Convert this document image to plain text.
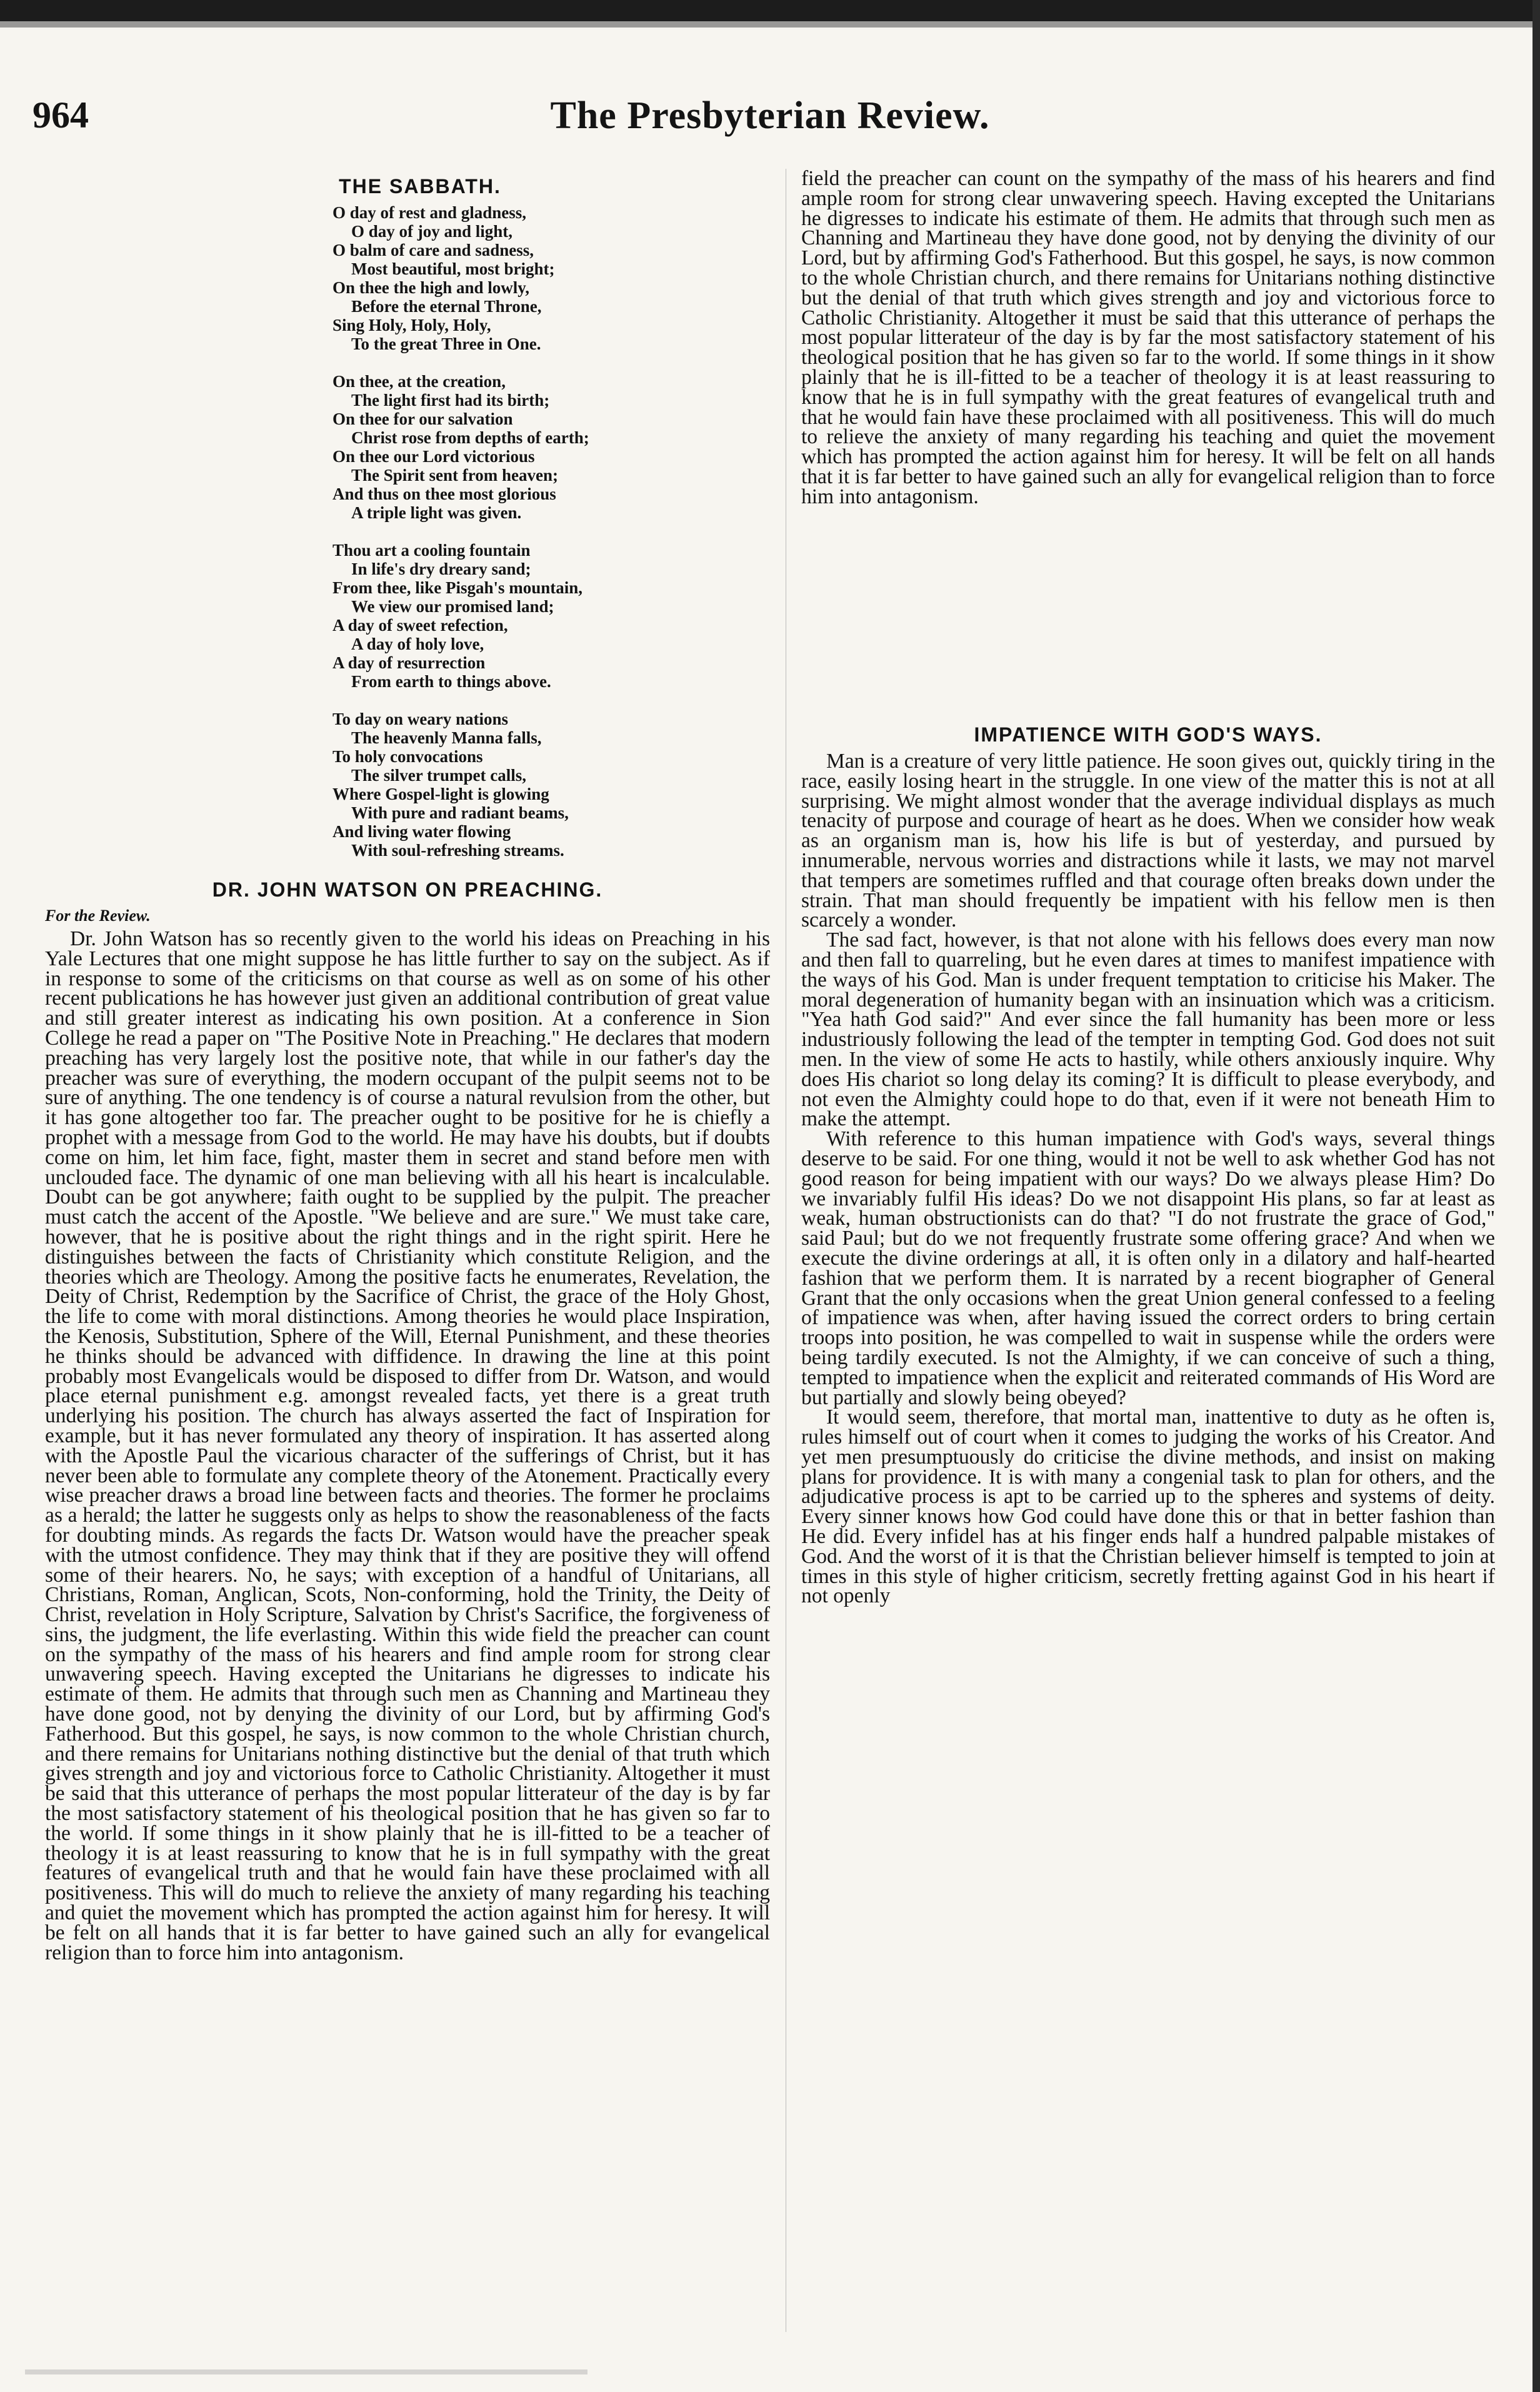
The Presbyterian Review.
964
THE SABBATH.
O day of rest and gladness,
O day of joy and light,
O balm of care and sadness,
Most beautiful, most bright;
On thee the high and lowly,
Before the eternal Throne,
Sing Holy, Holy, Holy,
To the great Three in One.
On thee, at the creation,
The light first had its birth;
On thee for our salvation
Christ rose from depths of earth;
On thee our Lord victorious
The Spirit sent from heaven;
And thus on thee most glorious
A triple light was given.
Thou art a cooling fountain
In life's dry dreary sand;
From thee, like Pisgah's mountain,
We view our promised land;
A day of sweet refection,
A day of holy love,
A day of resurrection
From earth to things above.
To day on weary nations
The heavenly Manna falls,
To holy convocations
The silver trumpet calls,
Where Gospel-light is glowing
With pure and radiant beams,
And living water flowing
With soul-refreshing streams.
DR. JOHN WATSON ON PREACHING.
For the Review.

Dr. John Watson has so recently given to the world his ideas on Preaching in his Yale Lectures that one might suppose he has little further to say on the subject. As if in response to some of the criticisms on that course as well as on some of his other recent publications he has however just given an additional contribution of great value and still greater interest as indicating his own position. At a conference in Sion College he read a paper on "The Positive Note in Preaching." He declares that modern preaching has very largely lost the positive note, that while in our father's day the preacher was sure of everything, the modern occupant of the pulpit seems not to be sure of anything. The one tendency is of course a natural revulsion from the other, but it has gone altogether too far. The preacher ought to be positive for he is chiefly a prophet with a message from God to the world. He may have his doubts, but if doubts come on him, let him face, fight, master them in secret and stand before men with unclouded face. The dynamic of one man believing with all his heart is incalculable. Doubt can be got anywhere; faith ought to be supplied by the pulpit. The preacher must catch the accent of the Apostle. "We believe and are sure." We must take care, however, that he is positive about the right things and in the right spirit. Here he distinguishes between the facts of Christianity which constitute Religion, and the theories which are Theology. Among the positive facts he enumerates, Revelation, the Deity of Christ, Redemption by the Sacrifice of Christ, the grace of the Holy Ghost, the life to come with moral distinctions. Among theories he would place Inspiration, the Kenosis, Substitution, Sphere of the Will, Eternal Punishment, and these theories he thinks should be advanced with diffidence. In drawing the line at this point probably most Evangelicals would be disposed to differ from Dr. Watson, and would place eternal punishment e.g. amongst revealed facts, yet there is a great truth underlying his position. The church has always asserted the fact of Inspiration for example, but it has never formulated any theory of inspiration. It has asserted along with the Apostle Paul the vicarious character of the sufferings of Christ, but it has never been able to formulate any complete theory of the Atonement. Practically every wise preacher draws a broad line between facts and theories. The former he proclaims as a herald; the latter he suggests only as helps to show the reasonableness of the facts for doubting minds. As regards the facts Dr. Watson would have the preacher speak with the utmost confidence. They may think that if they are positive they will offend some of their hearers. No, he says; with exception of a handful of Unitarians, all Christians, Roman, Anglican, Scots, Non-conforming, hold the Trinity, the Deity of Christ, revelation in Holy Scripture, Salvation by Christ's Sacrifice, the forgiveness of sins, the judgment, the life everlasting. Within this wide field the preacher can count on the sympathy of the mass of his hearers and find ample room for strong clear unwavering speech. Having excepted the Unitarians he digresses to indicate his estimate of them. He admits that through such men as Channing and Martineau they have done good, not by denying the divinity of our Lord, but by affirming God's Fatherhood. But this gospel, he says, is now common to the whole Christian church, and there remains for Unitarians nothing distinctive but the denial of that truth which gives strength and joy and victorious force to Catholic Christianity. Altogether it must be said that this utterance of perhaps the most popular litterateur of the day is by far the most satisfactory statement of his theological position that he has given so far to the world. If some things in it show plainly that he is ill-fitted to be a teacher of theology it is at least reassuring to know that he is in full sympathy with the great features of evangelical truth and that he would fain have these proclaimed with all positiveness. This will do much to relieve the anxiety of many regarding his teaching and quiet the movement which has prompted the action against him for heresy. It will be felt on all hands that it is far better to have gained such an ally for evangelical religion than to force him into antagonism.

field the preacher can count on the sympathy of the mass of his hearers and find ample room for strong clear unwavering speech. Having excepted the Unitarians he digresses to indicate his estimate of them. He admits that through such men as Channing and Martineau they have done good, not by denying the divinity of our Lord, but by affirming God's Fatherhood. But this gospel, he says, is now common to the whole Christian church, and there remains for Unitarians nothing distinctive but the denial of that truth which gives strength and joy and victorious force to Catholic Christianity. Altogether it must be said that this utterance of perhaps the most popular litterateur of the day is by far the most satisfactory statement of his theological position that he has given so far to the world. If some things in it show plainly that he is ill-fitted to be a teacher of theology it is at least reassuring to know that he is in full sympathy with the great features of evangelical truth and that he would fain have these proclaimed with all positiveness. This will do much to relieve the anxiety of many regarding his teaching and quiet the movement which has prompted the action against him for heresy. It will be felt on all hands that it is far better to have gained such an ally for evangelical religion than to force him into antagonism.

IMPATIENCE WITH GOD'S WAYS.

Man is a creature of very little patience. He soon gives out, quickly tiring in the race, easily losing heart in the struggle. In one view of the matter this is not at all surprising. We might almost wonder that the average individual displays as much tenacity of purpose and courage of heart as he does. When we consider how weak as an organism man is, how his life is but of yesterday, and pursued by innumerable, nervous worries and distractions while it lasts, we may not marvel that tempers are sometimes ruffled and that courage often breaks down under the strain. That man should frequently be impatient with his fellow men is then scarcely a wonder.

The sad fact, however, is that not alone with his fellows does every man now and then fall to quarreling, but he even dares at times to manifest impatience with the ways of his God. Man is under frequent temptation to criticise his Maker. The moral degeneration of humanity began with an insinuation which was a criticism. "Yea hath God said?" And ever since the fall humanity has been more or less industriously following the lead of the tempter in tempting God. God does not suit men. In the view of some He acts to hastily, while others anxiously inquire. Why does His chariot so long delay its coming? It is difficult to please everybody, and not even the Almighty could hope to do that, even if it were not beneath Him to make the attempt.

With reference to this human impatience with God's ways, several things deserve to be said. For one thing, would it not be well to ask whether God has not good reason for being impatient with our ways? Do we always please Him? Do we invariably fulfil His ideas? Do we not disappoint His plans, so far at least as weak, human obstructionists can do that? "I do not frustrate the grace of God," said Paul; but do we not frequently frustrate some offering grace? And when we execute the divine orderings at all, it is often only in a dilatory and half-hearted fashion that we perform them. It is narrated by a recent biographer of General Grant that the only occasions when the great Union general confessed to a feeling of impatience was when, after having issued the correct orders to bring certain troops into position, he was compelled to wait in suspense while the orders were being tardily executed. Is not the Almighty, if we can conceive of such a thing, tempted to impatience when the explicit and reiterated commands of His Word are but partially and slowly being obeyed?

It would seem, therefore, that mortal man, inattentive to duty as he often is, rules himself out of court when it comes to judging the works of his Creator. And yet men presumptuously do criticise the divine methods, and insist on making plans for providence. It is with many a congenial task to plan for others, and the adjudicative process is apt to be carried up to the spheres and systems of deity. Every sinner knows how God could have done this or that in better fashion than He did. Every infidel has at his finger ends half a hundred palpable mistakes of God. And the worst of it is that the Christian believer himself is tempted to join at times in this style of higher criticism, secretly fretting against God in his heart if not openly
